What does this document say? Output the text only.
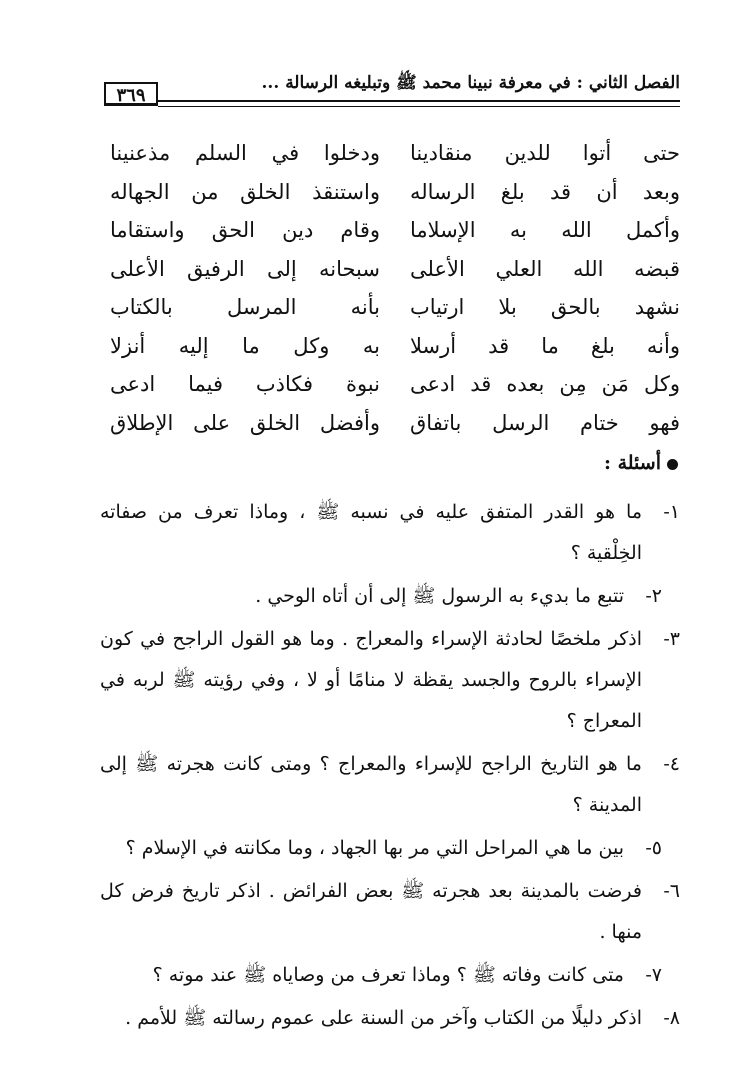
٣٦٩
الفصل الثاني : في معرفة نبينا محمد ﷺ وتبليغه الرسالة ...
حتى أتوا للدين منقادينا
ودخلوا في السلم مذعنينا
وبعد أن قد بلغ الرساله
واستنقذ الخلق من الجهاله
وأكمل الله به الإسلاما
وقام دين الحق واستقاما
قبضه الله العلي الأعلى
سبحانه إلى الرفيق الأعلى
نشهد بالحق بلا ارتياب
بأنه المرسل بالكتاب
وأنه بلغ ما قد أرسلا
به وكل ما إليه أنزلا
وكل مَن مِن بعده قد ادعى
نبوة فكاذب فيما ادعى
فهو ختام الرسل باتفاق
وأفضل الخلق على الإطلاق
أسئلة :
١-
ما هو القدر المتفق عليه في نسبه ﷺ ، وماذا تعرف من صفاته الخِلْقية ؟
٢-
تتبع ما بديء به الرسول ﷺ إلى أن أتاه الوحي .
٣-
اذكر ملخصًا لحادثة الإسراء والمعراج . وما هو القول الراجح في كون الإسراء بالروح والجسد يقظة لا منامًا أو لا ، وفي رؤيته ﷺ لربه في المعراج ؟
٤-
ما هو التاريخ الراجح للإسراء والمعراج ؟ ومتى كانت هجرته ﷺ إلى المدينة ؟
٥-
بين ما هي المراحل التي مر بها الجهاد ، وما مكانته في الإسلام ؟
٦-
فرضت بالمدينة بعد هجرته ﷺ بعض الفرائض . اذكر تاريخ فرض كل منها .
٧-
متى كانت وفاته ﷺ ؟ وماذا تعرف من وصاياه ﷺ عند موته ؟
٨-
اذكر دليلًا من الكتاب وآخر من السنة على عموم رسالته ﷺ للأمم .
